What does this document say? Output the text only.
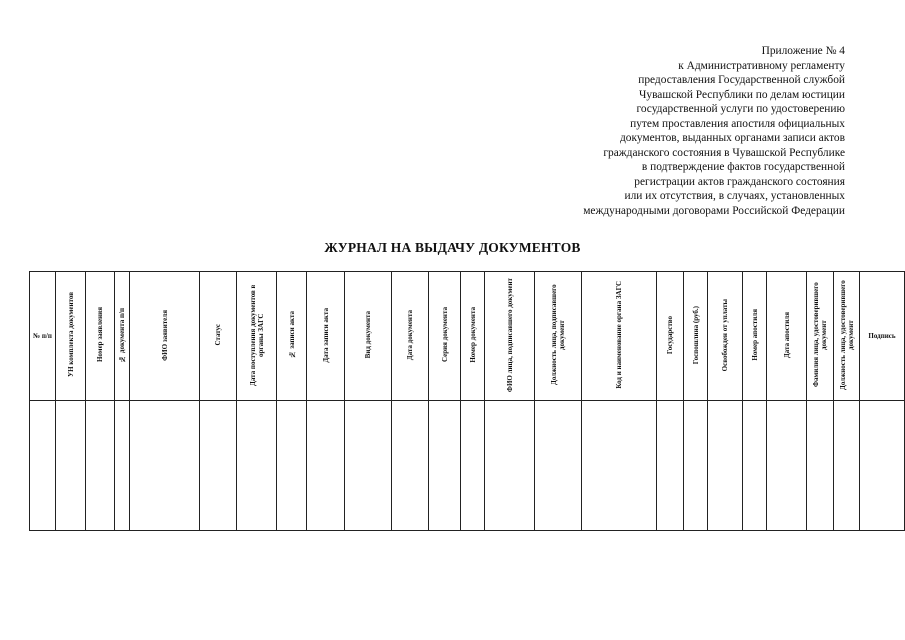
Приложение № 4
к Административному регламенту
предоставления Государственной службой
Чувашской Республики по делам юстиции
государственной услуги по удостоверению
путем проставления апостиля официальных
документов, выданных органами записи актов
гражданского состояния в Чувашской Республике
в подтверждение фактов государственной
регистрации актов гражданского состояния
или их отсутствия, в случаях, установленных
международными договорами Российской Федерации
ЖУРНАЛ НА ВЫДАЧУ ДОКУМЕНТОВ
№ п/п	УН комплекта документов	Номер заявления	№ документа п/п	ФИО заявителя	Статус	Дата поступления документов в органы ЗАГС	№ записи акта	Дата записи акта	Вид документа	Дата документа	Серия документа	Номер документа	ФИО лица, подписавшего документ	Должность лица, подписавшего документ	Код и наименование органа ЗАГС	Государство	Госпошлина (руб.)	Освобожден от уплаты	Номер апостиля	Дата апостиля	Фамилия лица, удостоверившего документ	Должность лица, удостоверившего документ	Подпись
